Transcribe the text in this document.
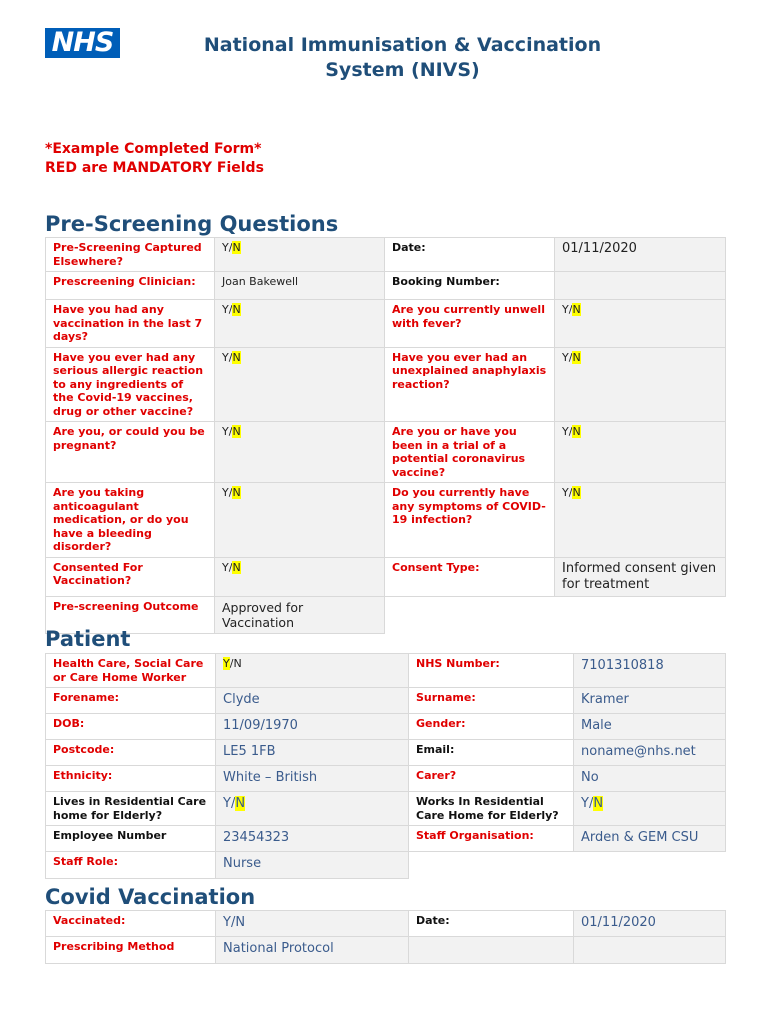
NHS	National Immunisation & Vaccination
System (NIVS)
*Example Completed Form*
RED are MANDATORY Fields
Pre-Screening Questions
Pre-Screening Captured Elsewhere?	Y/N	Date:	01/11/2020
Prescreening Clinician:	Joan Bakewell	Booking Number:	
Have you had any vaccination in the last 7 days?	Y/N	Are you currently unwell with fever?	Y/N
Have you ever had any serious allergic reaction to any ingredients of the Covid-19 vaccines, drug or other vaccine?	Y/N	Have you ever had an unexplained anaphylaxis reaction?	Y/N
Are you, or could you be pregnant?	Y/N	Are you or have you been in a trial of a potential coronavirus vaccine?	Y/N
Are you taking anticoagulant medication, or do you have a bleeding disorder?	Y/N	Do you currently have any symptoms of COVID-19 infection?	Y/N
Consented For Vaccination?	Y/N	Consent Type:	Informed consent given for treatment
Pre-screening Outcome	Approved for Vaccination		
Patient
Health Care, Social Care or Care Home Worker	Y/N	NHS Number:	7101310818
Forename:	Clyde	Surname:	Kramer
DOB:	11/09/1970	Gender:	Male
Postcode:	LE5 1FB	Email:	noname@nhs.net
Ethnicity:	White – British	Carer?	No
Lives in Residential Care home for Elderly?	Y/N	Works In Residential Care Home for Elderly?	Y/N
Employee Number	23454323	Staff Organisation:	Arden & GEM CSU
Staff Role:	Nurse		
Covid Vaccination
Vaccinated:	Y/N	Date:	01/11/2020
Prescribing Method	National Protocol		
